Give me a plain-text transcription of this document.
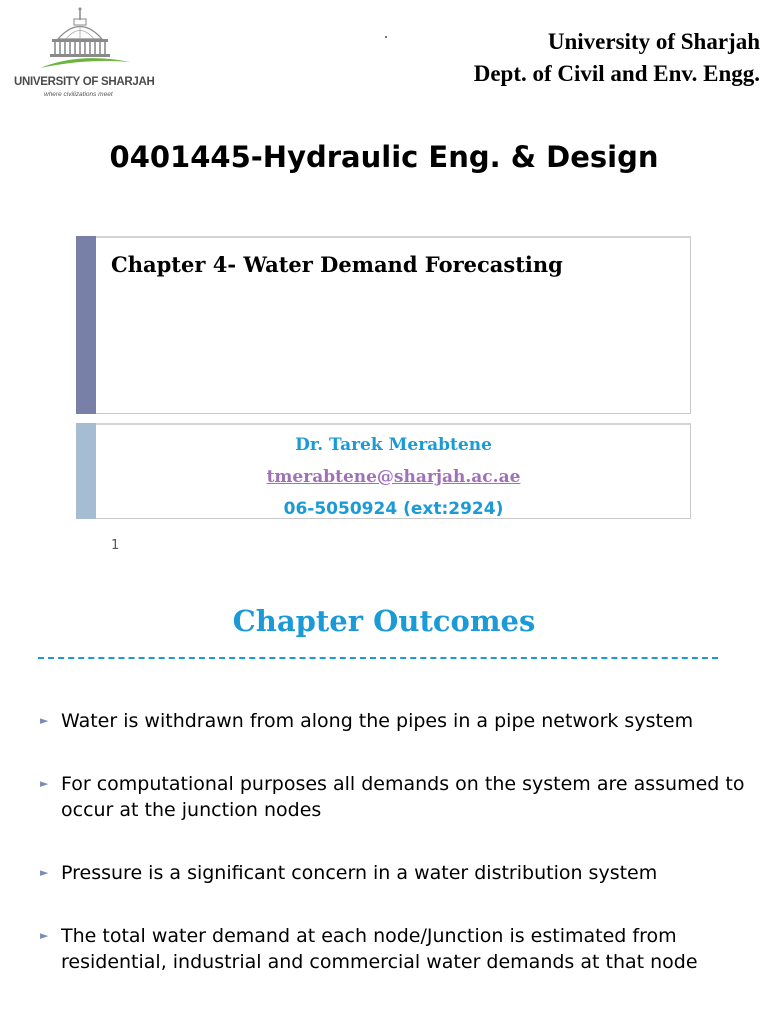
UNIVERSITY OF SHARJAH
where civilizations meet
University of Sharjah
Dept. of Civil and Env. Engg.
0401445-Hydraulic Eng. & Design
Chapter 4- Water Demand Forecasting
Dr. Tarek Merabtene
tmerabtene@sharjah.ac.ae
06-5050924 (ext:2924)
1
Chapter Outcomes
► Water is withdrawn from along the pipes in a pipe network system
► For computational purposes all demands on the system are assumed to occur at the junction nodes
► Pressure is a significant concern in a water distribution system
► The total water demand at each node/Junction is estimated from residential, industrial and commercial water demands at that node
